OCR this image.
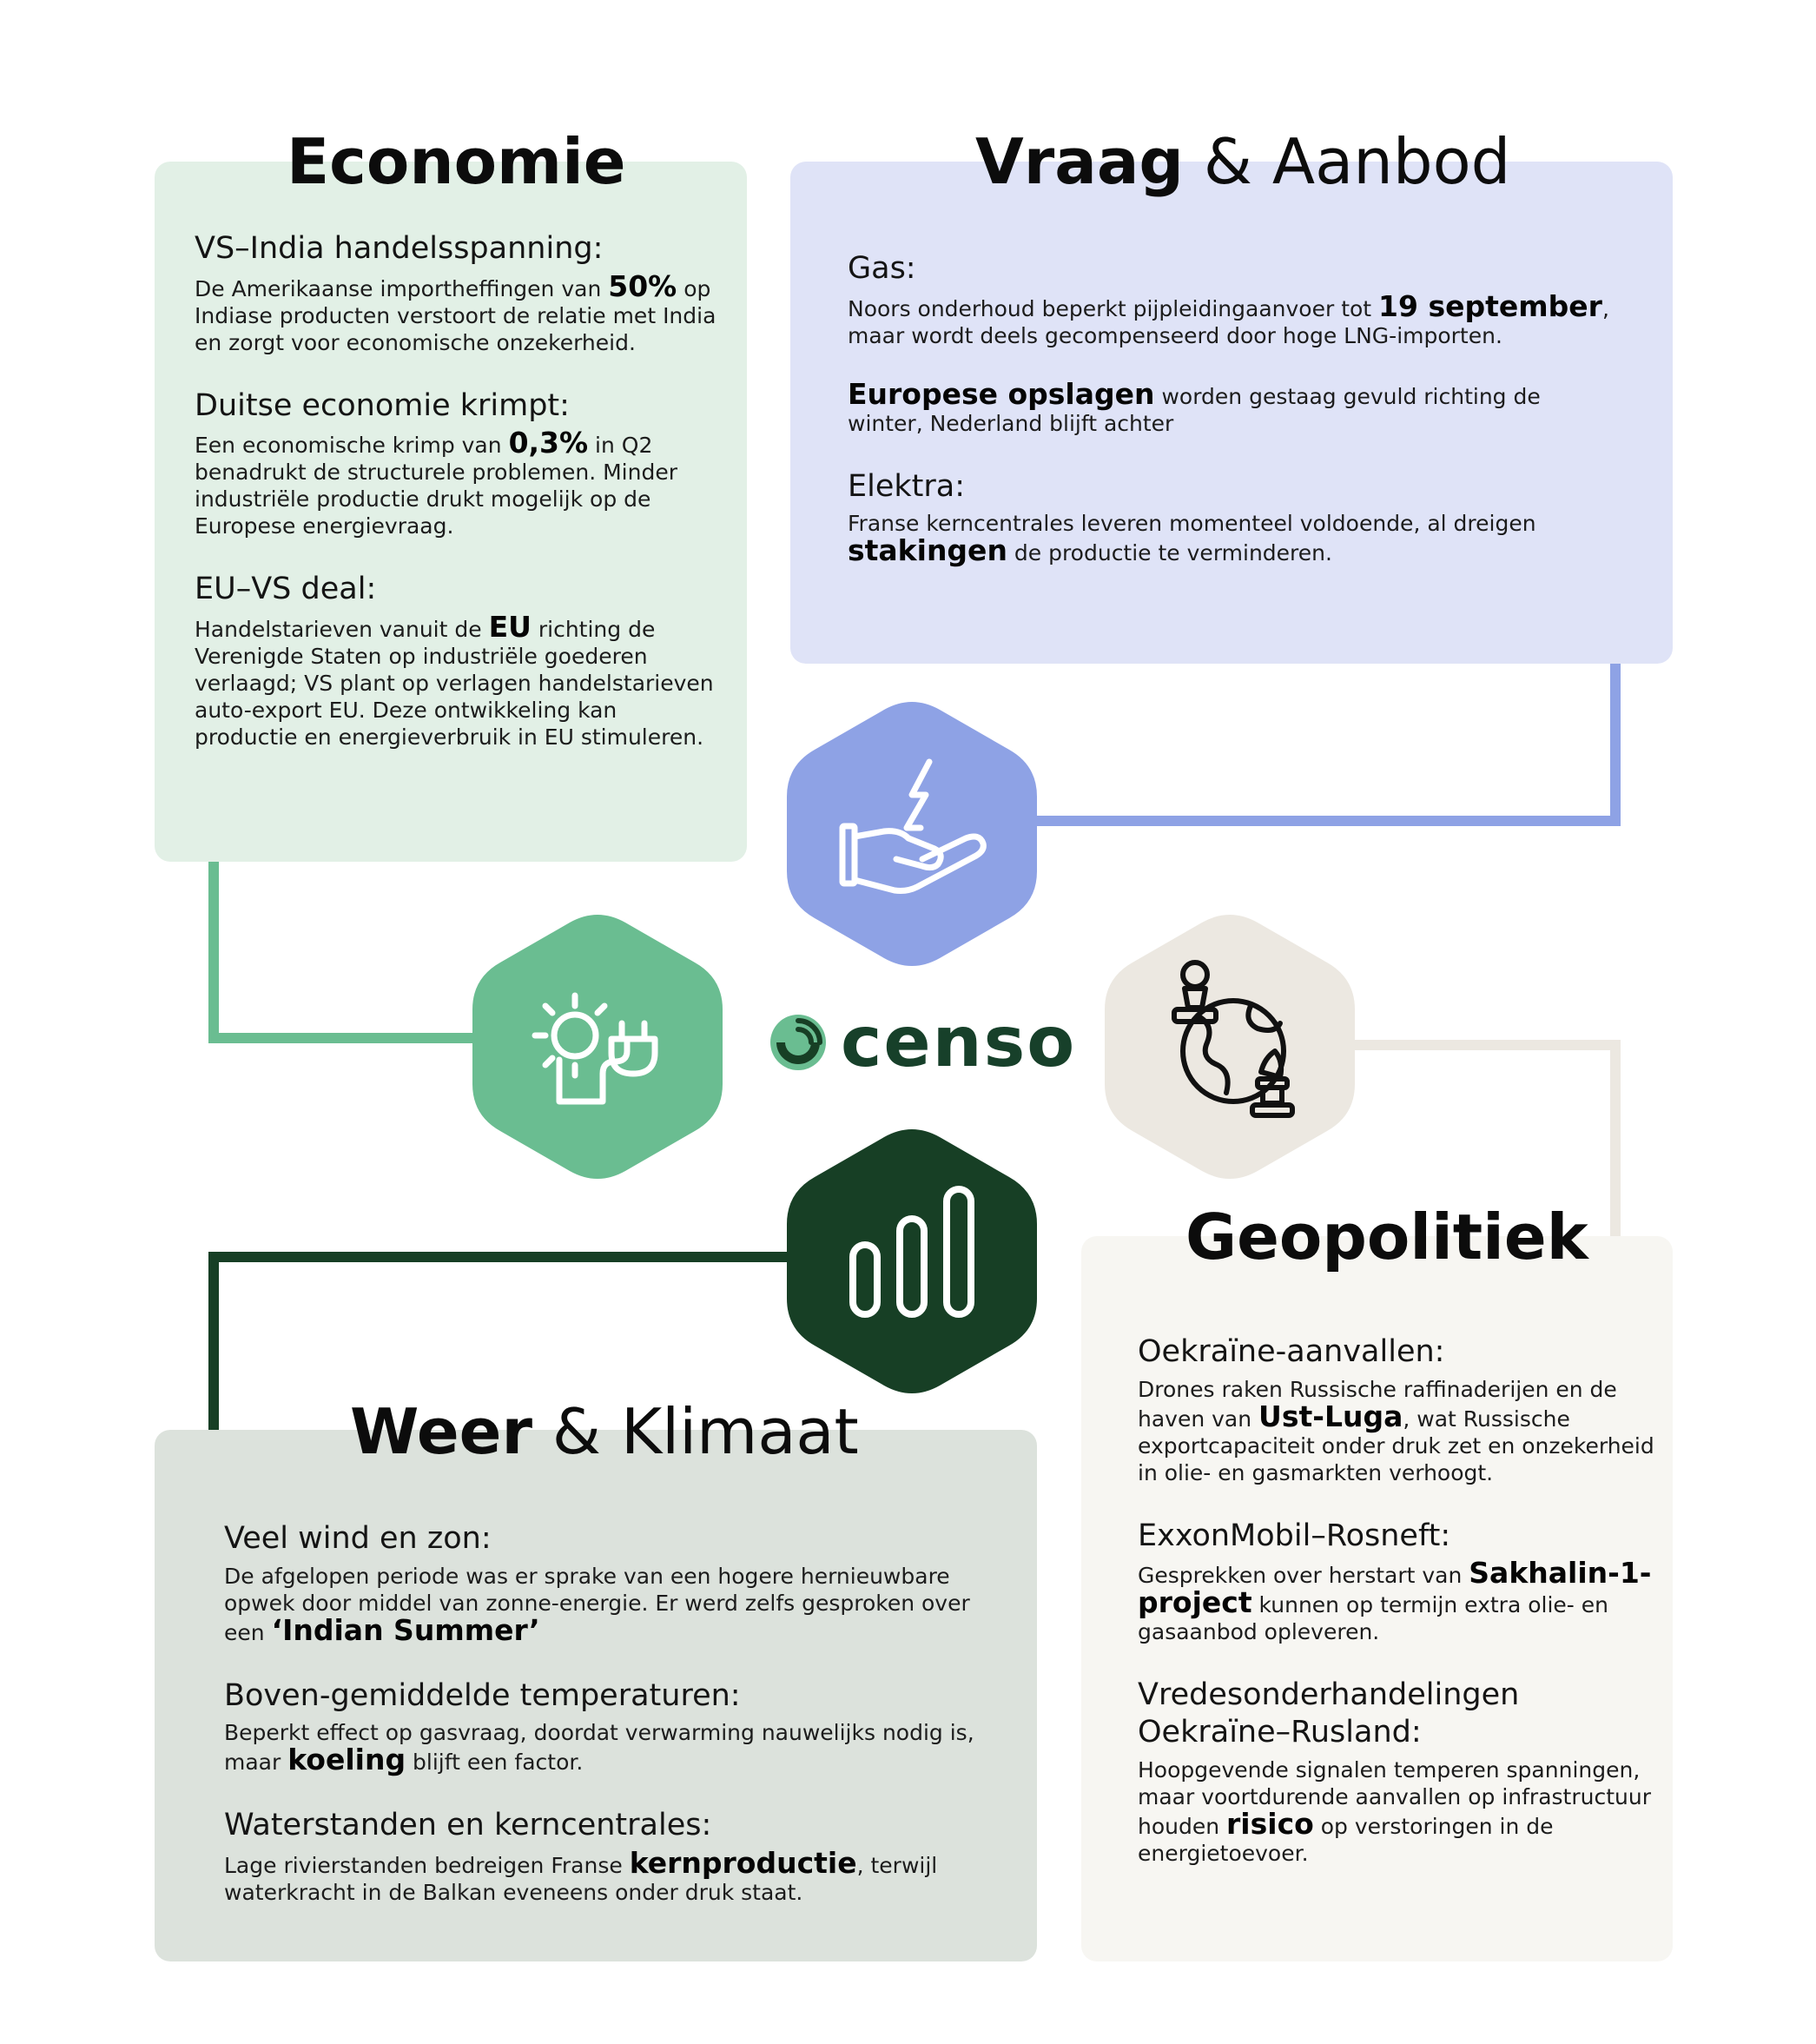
Economie	Vraag & Aanbod
Weer & Klimaat
Geopolitiek
VS–India handelsspanning:

De Amerikaanse importheffingen van 50% op Indiase producten verstoort de relatie met India en zorgt voor economische onzekerheid.

Duitse economie krimpt:

Een economische krimp van 0,3% in Q2 benadrukt de structurele problemen. Minder industriële productie drukt mogelijk op de Europese energievraag.

EU–VS deal:

Handelstarieven vanuit de EU richting de Verenigde Staten op industriële goederen verlaagd; VS plant op verlagen handelstarieven auto-export EU. Deze ontwikkeling kan productie en energieverbruik in EU stimuleren.

Gas:

Noors onderhoud beperkt pijpleidingaanvoer tot 19 september, maar wordt deels gecompenseerd door hoge LNG-importen.

Europese opslagen worden gestaag gevuld richting de winter, Nederland blijft achter

Elektra:

Franse kerncentrales leveren momenteel voldoende, al dreigen stakingen de productie te verminderen.

Veel wind en zon:

De afgelopen periode was er sprake van een hogere hernieuwbare opwek door middel van zonne-energie. Er werd zelfs gesproken over een ‘Indian Summer’

Boven-gemiddelde temperaturen:

Beperkt effect op gasvraag, doordat verwarming nauwelijks nodig is, maar koeling blijft een factor.

Waterstanden en kerncentrales:

Lage rivierstanden bedreigen Franse kernproductie, terwijl waterkracht in de Balkan eveneens onder druk staat.

Oekraïne-aanvallen:

Drones raken Russische raffinaderijen en de haven van Ust-Luga, wat Russische exportcapaciteit onder druk zet en onzekerheid in olie- en gasmarkten verhoogt.

ExxonMobil–Rosneft:

Gesprekken over herstart van Sakhalin-1-project kunnen op termijn extra olie- en gasaanbod opleveren.

Vredesonderhandelingen Oekraïne–Rusland:

Hoopgevende signalen temperen spanningen, maar voortdurende aanvallen op infrastructuur houden risico op verstoringen in de energietoevoer.

censo
